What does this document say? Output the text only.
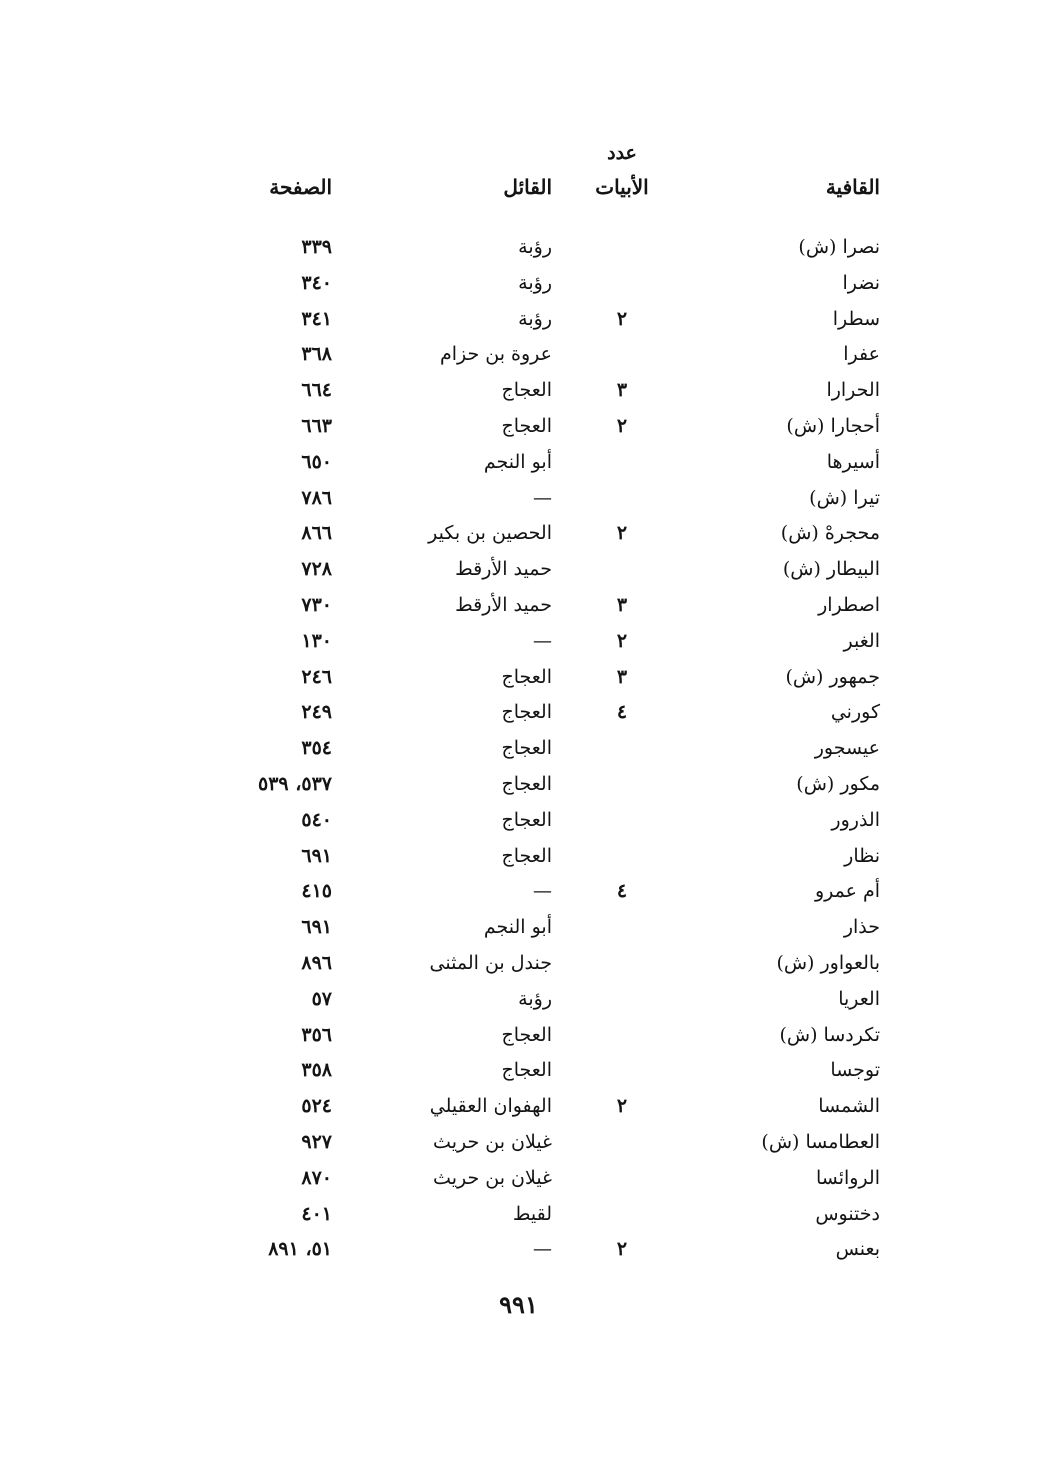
عدد
القافية
الأبيات
القائل
الصفحة
نصرا (ش)
رؤبة
٣٣٩
نضرا
رؤبة
٣٤٠
سطرا
٢
رؤبة
٣٤١
عفرا
عروة بن حزام
٣٦٨
الحرارا
٣
العجاج
٦٦٤
أحجارا (ش)
٢
العجاج
٦٦٣
أسيرها
أبو النجم
٦٥٠
تيرا (ش)
—
٧٨٦
محجرهْ (ش)
٢
الحصين بن بكير
٨٦٦
البيطار (ش)
حميد الأرقط
٧٢٨
اصطرار
٣
حميد الأرقط
٧٣٠
الغبر
٢
—
١٣٠
جمهور (ش)
٣
العجاج
٢٤٦
كورني
٤
العجاج
٢٤٩
عيسجور
العجاج
٣٥٤
مكور (ش)
العجاج
٥٣٧، ٥٣٩
الذرور
العجاج
٥٤٠
نظار
العجاج
٦٩١
أم عمرو
٤
—
٤١٥
حذار
أبو النجم
٦٩١
بالعواور (ش)
جندل بن المثنى
٨٩٦
العريا
رؤبة
٥٧
تكردسا (ش)
العجاج
٣٥٦
توجسا
العجاج
٣٥٨
الشمسا
٢
الهفوان العقيلي
٥٢٤
العطامسا (ش)
غيلان بن حريث
٩٢٧
الروائسا
غيلان بن حريث
٨٧٠
دختنوس
لقيط
٤٠١
بعنس
٢
—
٥١، ٨٩١
٩٩١
